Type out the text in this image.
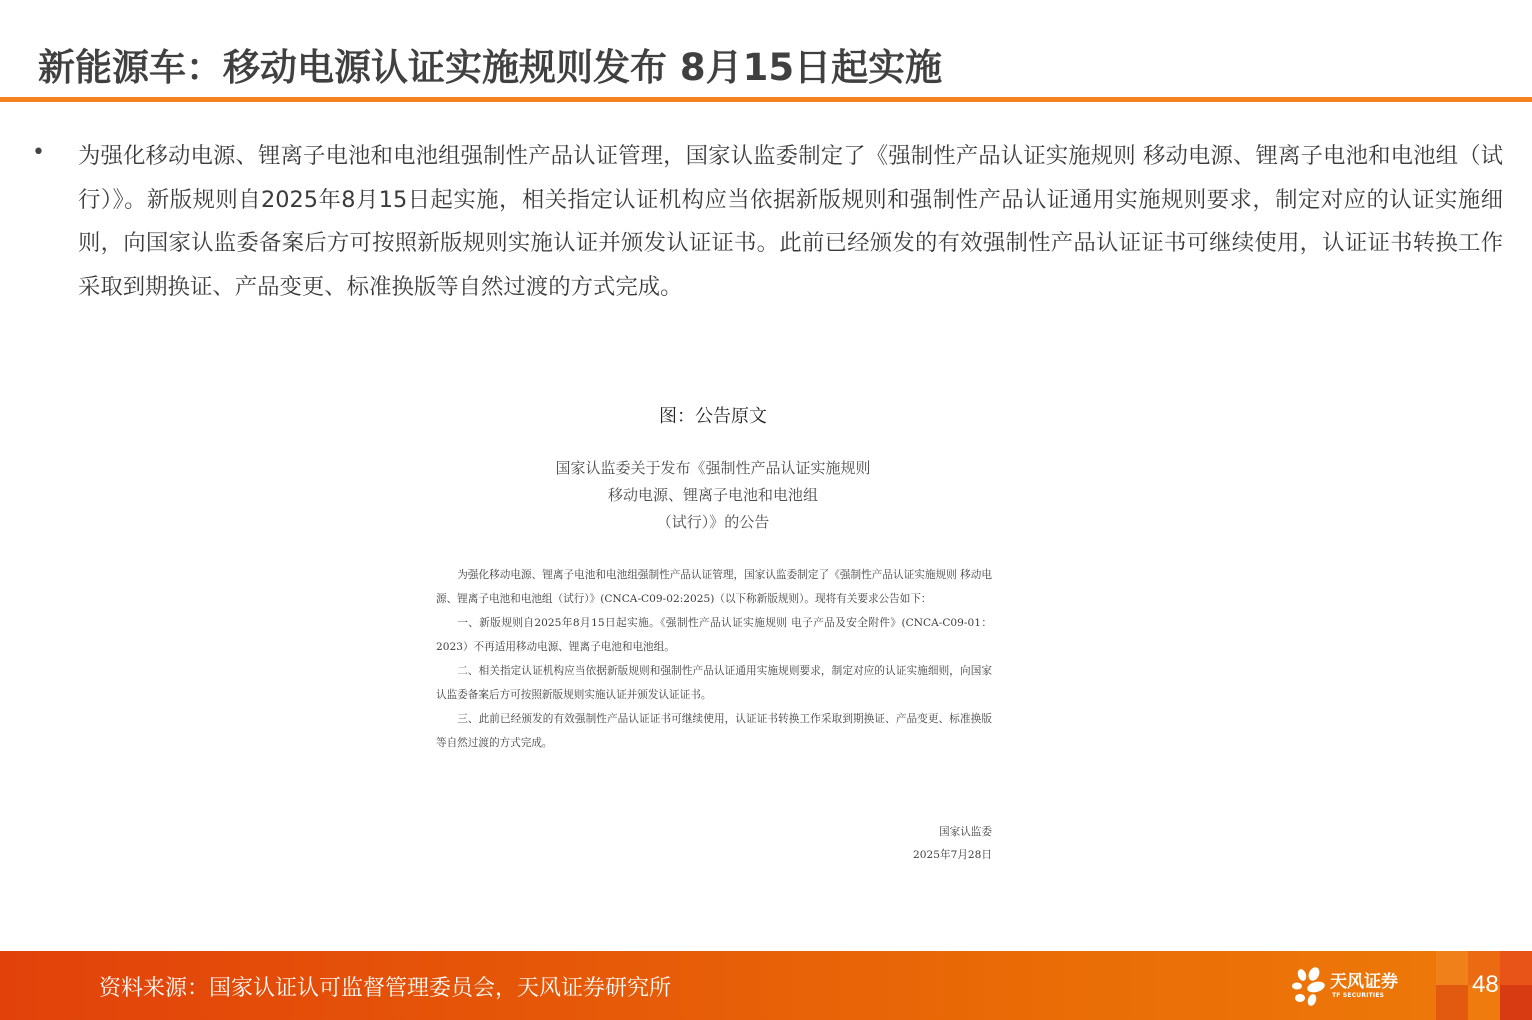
新能源车：移动电源认证实施规则发布 8月15日起实施
• 为强化移动电源、锂离子电池和电池组强制性产品认证管理，国家认监委制定了《强制性产品认证实施规则 移动电源、锂离子电池和电池组（试行）》。新版规则自2025年8月15日起实施，相关指定认证机构应当依据新版规则和强制性产品认证通用实施规则要求，制定对应的认证实施细则，向国家认监委备案后方可按照新版规则实施认证并颁发认证证书。此前已经颁发的有效强制性产品认证证书可继续使用，认证证书转换工作采取到期换证、产品变更、标准换版等自然过渡的方式完成。
图：公告原文
国家认监委关于发布《强制性产品认证实施规则
移动电源、锂离子电池和电池组
（试行）》的公告

为强化移动电源、锂离子电池和电池组强制性产品认证管理，国家认监委制定了《强制性产品认证实施规则 移动电源、锂离子电池和电池组（试行）》(CNCA-C09-02:2025)（以下称新版规则）。现将有关要求公告如下：

一、新版规则自2025年8月15日起实施。《强制性产品认证实施规则 电子产品及安全附件》(CNCA-C09-01：2023）不再适用移动电源、锂离子电池和电池组。

二、相关指定认证机构应当依据新版规则和强制性产品认证通用实施规则要求，制定对应的认证实施细则，向国家认监委备案后方可按照新版规则实施认证并颁发认证证书。

三、此前已经颁发的有效强制性产品认证证书可继续使用，认证证书转换工作采取到期换证、产品变更、标准换版等自然过渡的方式完成。

国家认监委
2025年7月28日
资料来源：国家认证认可监督管理委员会，天风证券研究所	天风证券
TF SECURITIES	48
